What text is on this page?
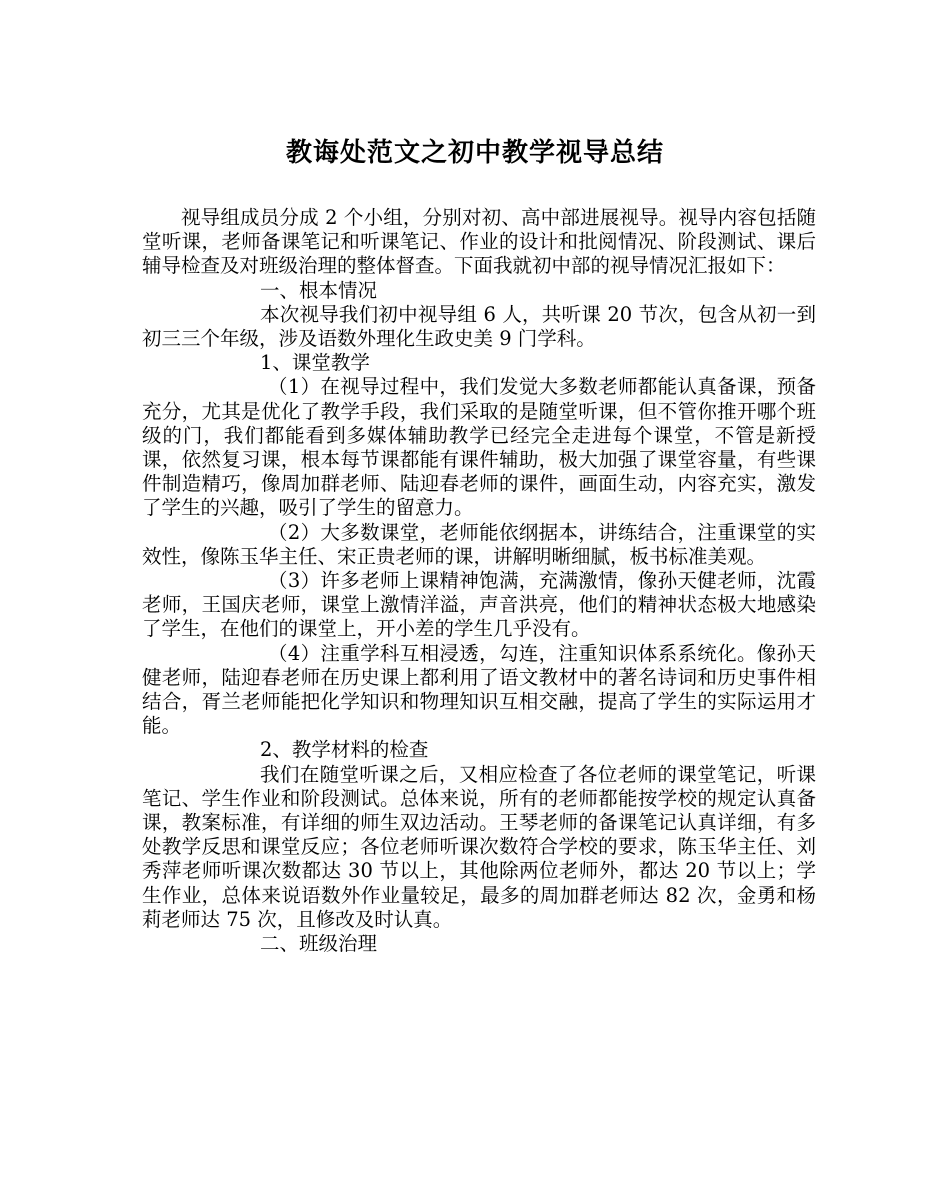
教诲处范文之初中教学视导总结

视导组成员分成 2 个小组，分别对初、高中部进展视导。视导内容包括随堂听课，老师备课笔记和听课笔记、作业的设计和批阅情况、阶段测试、课后辅导检查及对班级治理的整体督查。下面我就初中部的视导情况汇报如下：

一、根本情况

本次视导我们初中视导组 6 人，共听课 20 节次，包含从初一到初三三个年级，涉及语数外理化生政史美 9 门学科。

1、课堂教学

（1）在视导过程中，我们发觉大多数老师都能认真备课，预备充分，尤其是优化了教学手段，我们采取的是随堂听课，但不管你推开哪个班级的门，我们都能看到多媒体辅助教学已经完全走进每个课堂，不管是新授课，依然复习课，根本每节课都能有课件辅助，极大加强了课堂容量，有些课件制造精巧，像周加群老师、陆迎春老师的课件，画面生动，内容充实，激发了学生的兴趣，吸引了学生的留意力。

（2）大多数课堂，老师能依纲据本，讲练结合，注重课堂的实效性，像陈玉华主任、宋正贵老师的课，讲解明晰细腻，板书标准美观。

（3）许多老师上课精神饱满，充满激情，像孙天健老师，沈霞老师，王国庆老师，课堂上激情洋溢，声音洪亮，他们的精神状态极大地感染了学生，在他们的课堂上，开小差的学生几乎没有。

（4）注重学科互相浸透，勾连，注重知识体系系统化。像孙天健老师，陆迎春老师在历史课上都利用了语文教材中的著名诗词和历史事件相结合，胥兰老师能把化学知识和物理知识互相交融，提高了学生的实际运用才能。

2、教学材料的检查

我们在随堂听课之后，又相应检查了各位老师的课堂笔记，听课笔记、学生作业和阶段测试。总体来说，所有的老师都能按学校的规定认真备课，教案标准，有详细的师生双边活动。王琴老师的备课笔记认真详细，有多处教学反思和课堂反应；各位老师听课次数符合学校的要求，陈玉华主任、刘秀萍老师听课次数都达 30 节以上，其他除两位老师外，都达 20 节以上；学生作业，总体来说语数外作业量较足，最多的周加群老师达 82 次，金勇和杨莉老师达 75 次，且修改及时认真。

二、班级治理
